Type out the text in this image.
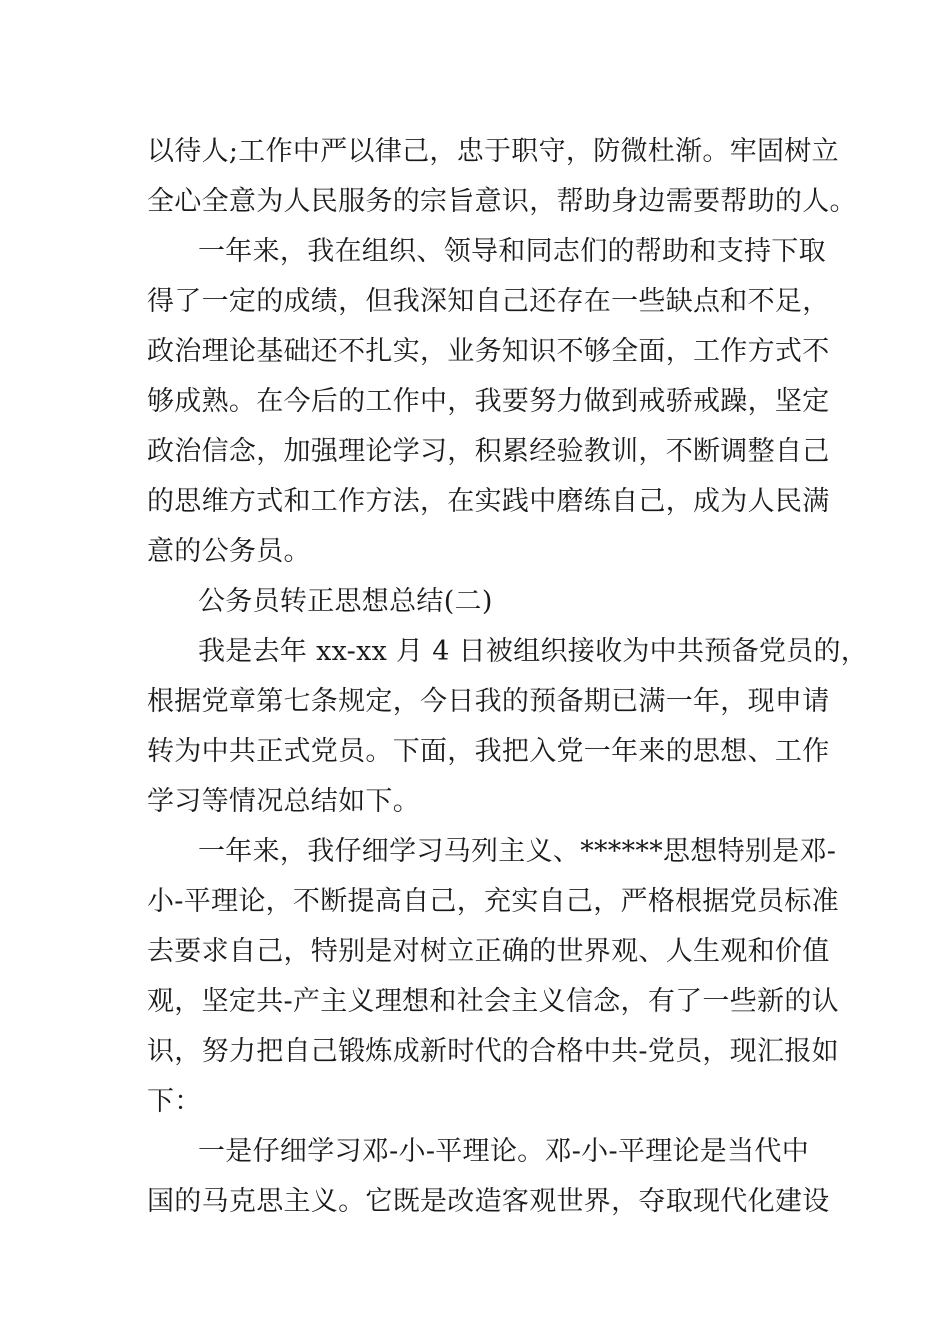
以待人;工作中严以律己，忠于职守，防微杜渐。牢固树立
全心全意为人民服务的宗旨意识，帮助身边需要帮助的人。
一年来，我在组织、领导和同志们的帮助和支持下取
得了一定的成绩，但我深知自己还存在一些缺点和不足，
政治理论基础还不扎实，业务知识不够全面，工作方式不
够成熟。在今后的工作中，我要努力做到戒骄戒躁，坚定
政治信念，加强理论学习，积累经验教训，不断调整自己
的思维方式和工作方法，在实践中磨练自己，成为人民满
意的公务员。
公务员转正思想总结(二)
我是去年 xx-xx 月 4 日被组织接收为中共预备党员的，
根据党章第七条规定，今日我的预备期已满一年，现申请
转为中共正式党员。下面，我把入党一年来的思想、工作
学习等情况总结如下。
一年来，我仔细学习马列主义、******思想特别是邓-
小-平理论，不断提高自己，充实自己，严格根据党员标准
去要求自己，特别是对树立正确的世界观、人生观和价值
观，坚定共-产主义理想和社会主义信念，有了一些新的认
识，努力把自己锻炼成新时代的合格中共-党员，现汇报如
下：
一是仔细学习邓-小-平理论。邓-小-平理论是当代中
国的马克思主义。它既是改造客观世界，夺取现代化建设
